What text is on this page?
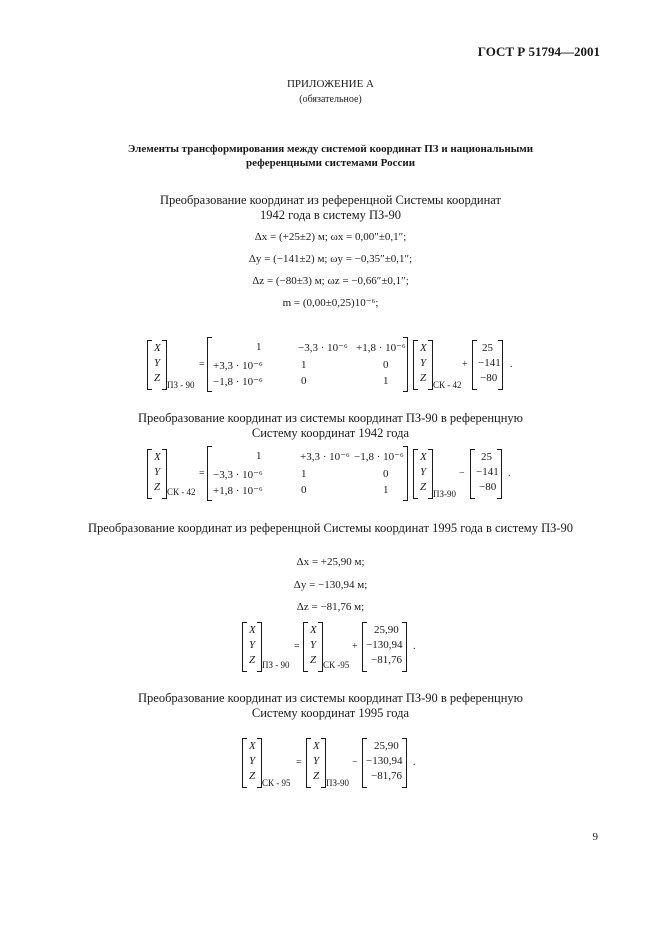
ГОСТ Р 51794—2001
ПРИЛОЖЕНИЕ А
(обязательное)
Элементы трансформирования между системой координат ПЗ и национальными
референцными системами России
Преобразование координат из референцной Системы координат
1942 года в систему ПЗ-90
Δx = (+25±2) м; ωx = 0,00″±0,1″;
Δy = (−141±2) м; ωy = −0,35″±0,1″;
Δz = (−80±3) м; ωz = −0,66″±0,1″;
m = (0,00±0,25)10⁻⁶;
X
Y
Z
ПЗ - 90
=
1	−3,3 · 10⁻⁶ +1,8 · 10⁻⁶
+3,3 · 10⁻⁶	1	0
−1,8 · 10⁻⁶	0	1
X
Y
Z
СК - 42
+
25
−141
−80
.
Преобразование координат из системы координат ПЗ-90 в референцную
Систему координат 1942 года
X
Y
Z СК - 42
=
1	+3,3 · 10⁻⁶ −1,8 · 10⁻⁶
−3,3 · 10⁻⁶	1	0
+1,8 · 10⁻⁶	0	1
X
Y
Z
ПЗ-90
−
25
−141
−80
.
Преобразование координат из референцной Системы координат 1995 года в систему ПЗ-90
Δx = +25,90 м;
Δy = −130,94 м;
Δz = −81,76 м;
X
Y
Z ПЗ - 90
=
X
Y
Z СК -95
+
25,90
−130,94
−81,76
.
Преобразование координат из системы координат ПЗ-90 в референцную
Систему координат 1995 года
X
Y
Z
СК - 95
=
X
Y
Z
ПЗ-90
−
25,90
−130,94
−81,76
.
9
